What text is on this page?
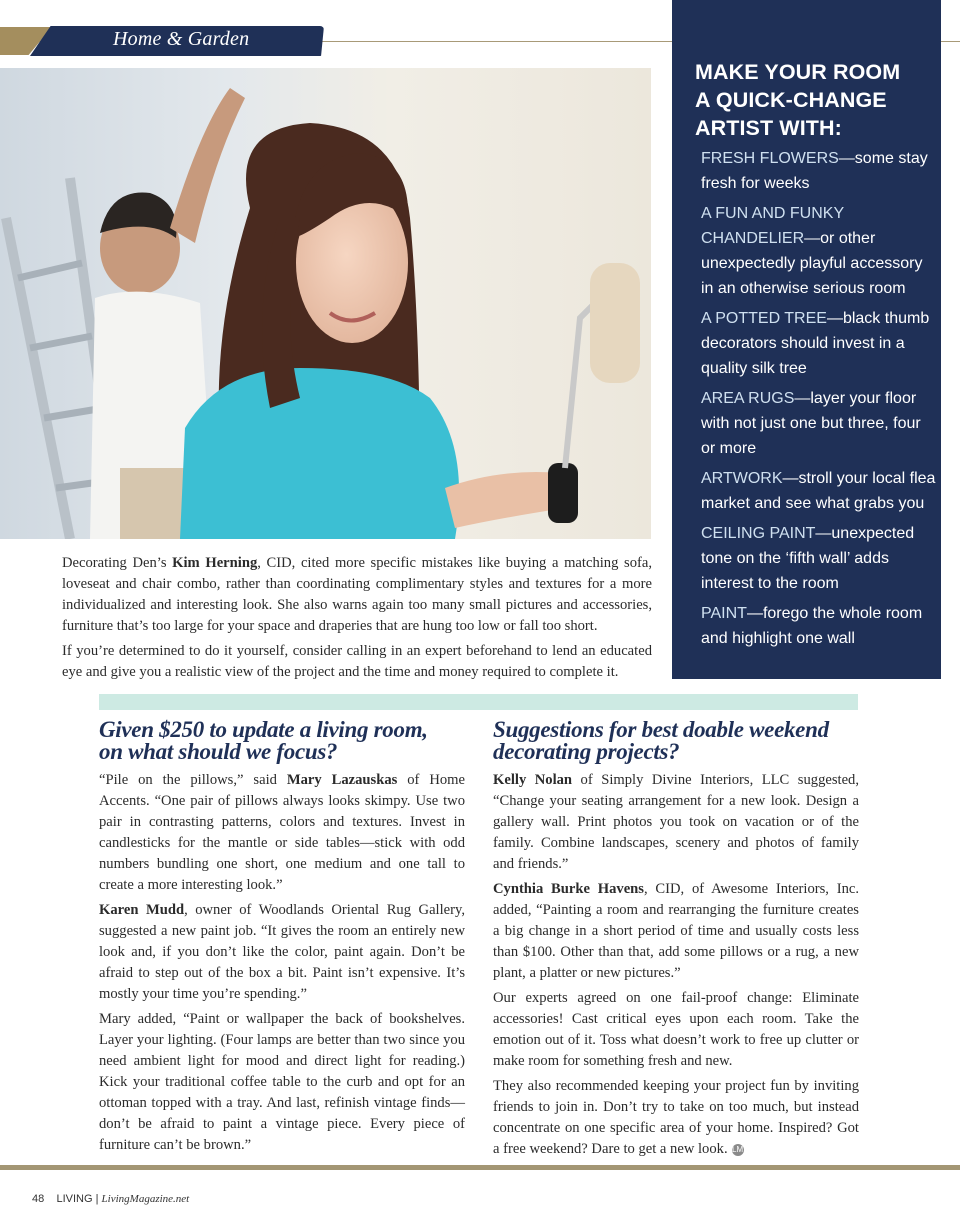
Home & Garden
MAKE YOUR ROOM
A QUICK-CHANGE
ARTIST WITH:
FRESH FLOWERS—some stay fresh for weeks
A FUN AND FUNKY CHANDELIER—or other unexpectedly playful accessory in an otherwise serious room
A POTTED TREE—black thumb decorators should invest in a quality silk tree
AREA RUGS—layer your floor with not just one but three, four or more
ARTWORK—stroll your local flea market and see what grabs you
CEILING PAINT—unexpected tone on the ‘fifth wall’ adds interest to the room
PAINT—forego the whole room and highlight one wall

Decorating Den’s Kim Herning, CID, cited more specific mistakes like buying a matching sofa, loveseat and chair combo, rather than coordinating complimentary styles and textures for a more individualized and interesting look. She also warns again too many small pictures and accessories, furniture that’s too large for your space and draperies that are hung too low or fall too short.

If you’re determined to do it yourself, consider calling in an expert beforehand to lend an educated eye and give you a realistic view of the project and the time and money required to complete it.

Given $250 to update a living room,
on what should we focus?

“Pile on the pillows,” said Mary Lazauskas of Home Accents. “One pair of pillows always looks skimpy. Use two pair in contrasting patterns, colors and textures. Invest in candlesticks for the mantle or side tables—stick with odd numbers bundling one short, one medium and one tall to create a more interesting look.”

Karen Mudd, owner of Woodlands Oriental Rug Gallery, suggested a new paint job. “It gives the room an entirely new look and, if you don’t like the color, paint again. Don’t be afraid to step out of the box a bit. Paint isn’t expensive. It’s mostly your time you’re spending.”

Mary added, “Paint or wallpaper the back of bookshelves. Layer your lighting. (Four lamps are better than two since you need ambient light for mood and direct light for reading.) Kick your traditional coffee table to the curb and opt for an ottoman topped with a tray. And last, refinish vintage finds—don’t be afraid to paint a vintage piece. Every piece of furniture can’t be brown.”

Suggestions for best doable weekend
decorating projects?

Kelly Nolan of Simply Divine Interiors, LLC suggested, “Change your seating arrangement for a new look. Design a gallery wall. Print photos you took on vacation or of the family. Combine landscapes, scenery and photos of family and friends.”

Cynthia Burke Havens, CID, of Awesome Interiors, Inc. added, “Painting a room and rearranging the furniture creates a big change in a short period of time and usually costs less than $100. Other than that, add some pillows or a rug, a new plant, a platter or new pictures.”

Our experts agreed on one fail-proof change: Eliminate accessories! Cast critical eyes upon each room. Take the emotion out of it. Toss what doesn’t work to free up clutter or make room for something fresh and new.

They also recommended keeping your project fun by inviting friends to join in. Don’t try to take on too much, but instead concentrate on one specific area of your home. Inspired? Got a free weekend? Dare to get a new look. LM

48 LIVING | LivingMagazine.net
